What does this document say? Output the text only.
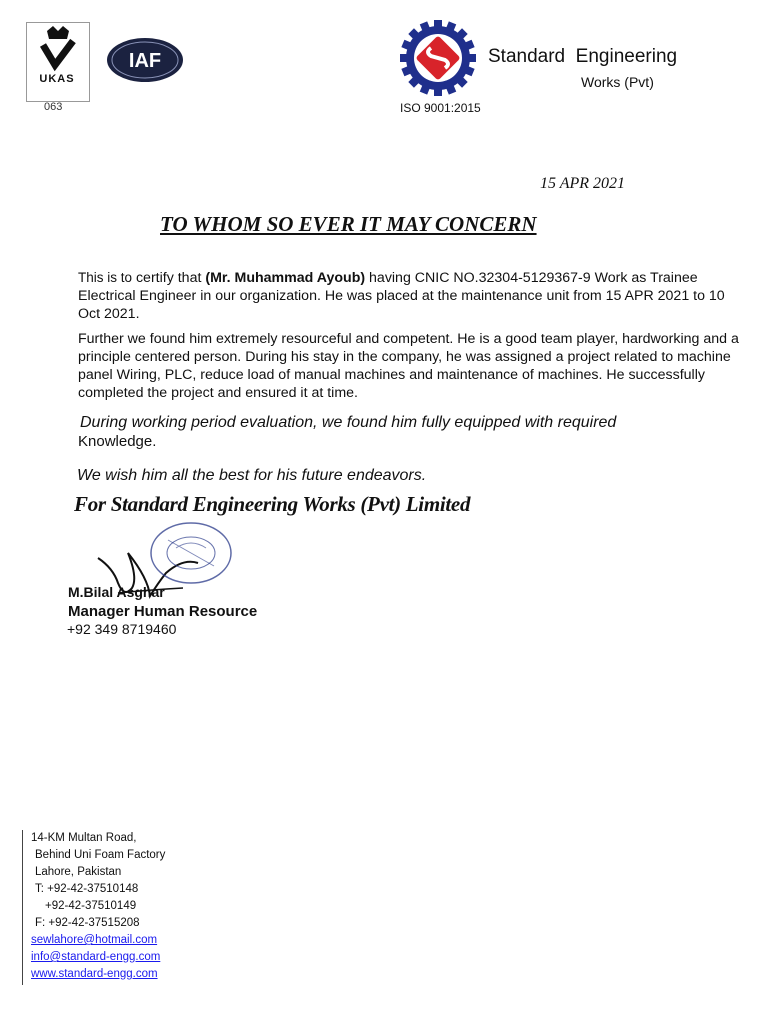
UKAS
063
IAF	Standard  Engineering
Works (Pvt)
ISO 9001:2015
15 APR 2021
TO WHOM SO EVER IT MAY CONCERN
This is to certify that (Mr. Muhammad Ayoub) having CNIC NO.32304-5129367-9 Work as Trainee Electrical Engineer in our organization. He was placed at the maintenance unit from 15 APR 2021 to 10 Oct 2021.
Further we found him extremely resourceful and competent. He is a good team player, hardworking and a principle centered person. During his stay in the company, he was assigned a project related to machine panel Wiring, PLC, reduce load of manual machines and maintenance of machines. He successfully completed the project and ensured it at time.
During working period evaluation, we found him fully equipped with required
Knowledge.
We wish him all the best for his future endeavors.
For Standard Engineering Works (Pvt) Limited
M.Bilal Asghar
Manager Human Resource
+92 349 8719460
14-KM Multan Road,
Behind Uni Foam Factory
Lahore, Pakistan
T: +92-42-37510148
+92-42-37510149
F: +92-42-37515208
sewlahore@hotmail.com
info@standard-engg.com
www.standard-engg.com
